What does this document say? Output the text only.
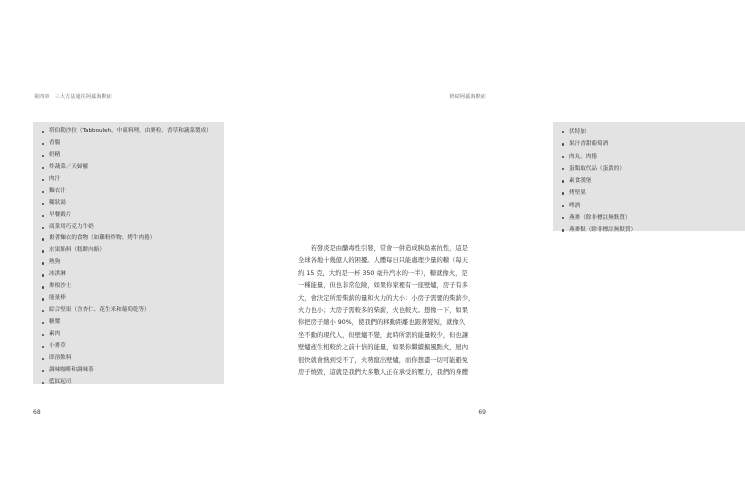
第四章　三大方法通往阿茲海默症
塔伯勒沙拉（Tabbouleh，中東料理，由麥粒、香草和蔬菜製成）
香腸
奶精
炸蔬菜／天婦羅
肉汁
麵衣汁
糊狀湯
早餐穀片
商業用巧克力牛奶
裹著麵衣的食物（如雞粉炸物、烤牛肉捲）
水果餡料（糕餅內餡）
熱狗
冰淇淋
麥根沙士
能量棒
綜合堅果（含杏仁、花生米和葡萄乾等）
糖漿
素肉
小麥草
即溶飲料
調味咖啡和調味茶
藍紋起司
68
終結阿茲海默症
伏特加
果汁香甜葡萄酒
肉丸、肉捲
蛋類取代品（蛋黃的）
素食漢堡
烤堅果
啤酒
燕麥（除非標註無麩質）
燕麥麩（除非標註無麩質）
69
　　若發炎是由醣毒性引發，常會一併造成胰島素抗性，這是
全球各地十幾億人的困擾。人體每日只能處理少量的糖（每天
約 15 克，大約是一杯 350 毫升汽水的一半），糖就像火，是
一種能量，但也非常危險，如果你家裡有一座壁爐，房子有多
大，會決定所需柴薪的量和火力的大小：小房子需要的柴薪少，
火力也小；大房子需較多的柴薪，火也較大。想像一下，如果
你把房子縮小 90%，使我們的移動距離也跟著變短，就像久
坐不動的現代人，但壁爐不變，此時所需的能量較少，但也讓
壁爐產生相較於之前十倍的能量，如果你繼續搧風點火，屋內
很快就會熱到受不了，火勢竄出壁爐，而你想盡一切可能避免
房子燒毀，這就是我們大多數人正在承受的壓力，我們的身體
